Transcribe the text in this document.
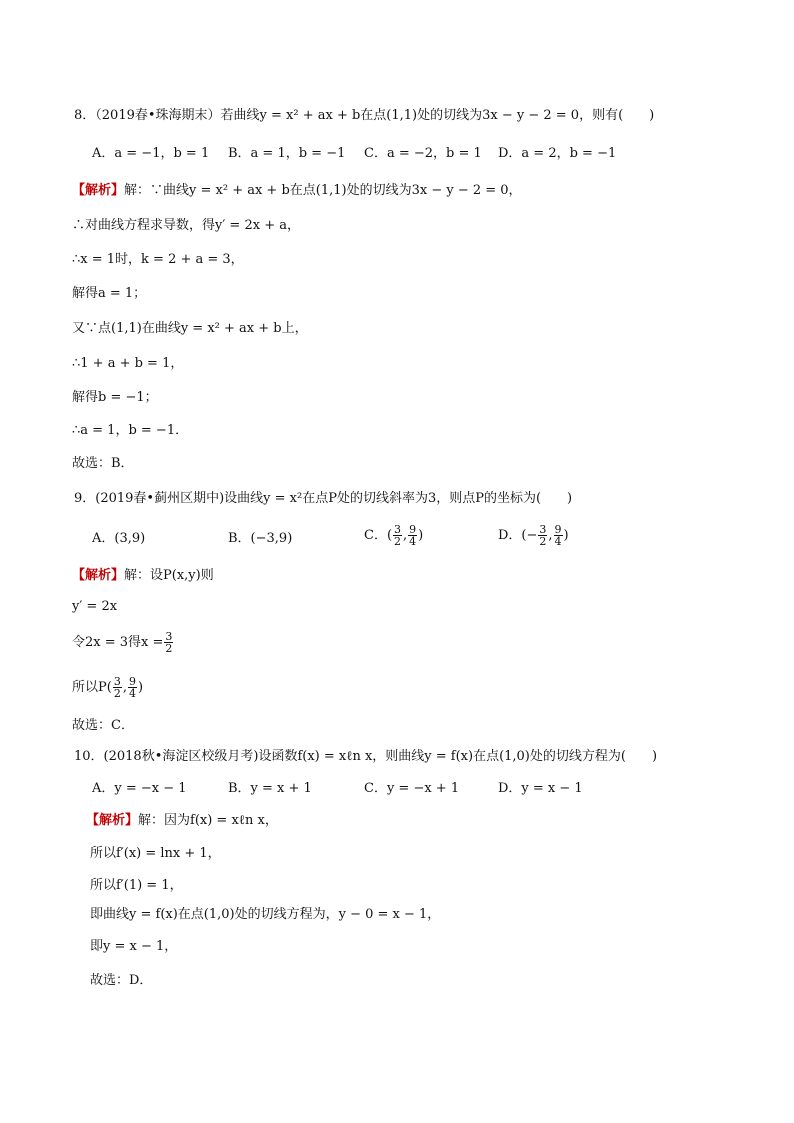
8．（2019春•珠海期末）若曲线y = x² + ax + b在点(1,1)处的切线为3x − y − 2 = 0，则有(　　)
A．a = −1，b = 1 B．a = 1，b = −1 C．a = −2，b = 1 D．a = 2，b = −1
【解析】解：∵曲线y = x² + ax + b在点(1,1)处的切线为3x − y − 2 = 0，
∴对曲线方程求导数，得y′ = 2x + a，
∴x = 1时，k = 2 + a = 3，
解得a = 1；
又∵点(1,1)在曲线y = x² + ax + b上，
∴1 + a + b = 1，
解得b = −1；
∴a = 1，b = −1．
故选：B．
9．(2019春•蓟州区期中)设曲线y = x²在点P处的切线斜率为3，则点P的坐标为(　　)
A．(3,9)	B．(−3,9)	C．( $\frac{3}{2}$ , $\frac{9}{4}$ )	D．(− $\frac{3}{2}$ , $\frac{9}{4}$ )
【解析】解：设P(x,y)则
y′ = 2x
令2x = 3得$x = \frac{3}{2}$
所以$P( \frac{3}{2}$ , $\frac{9}{4}$ )
故选：C．
10．(2018秋•海淀区校级月考)设函数f(x) = xℓn x，则曲线y = f(x)在点(1,0)处的切线方程为(　　)
A．y = −x − 1	B．y = x + 1	C．y = −x + 1	D．y = x − 1
【解析】解：因为f(x) = xℓn x，
所以f′(x) = lnx + 1，
所以f′(1) = 1，
即曲线y = f(x)在点(1,0)处的切线方程为，y − 0 = x − 1，
即y = x − 1，
故选：D．
